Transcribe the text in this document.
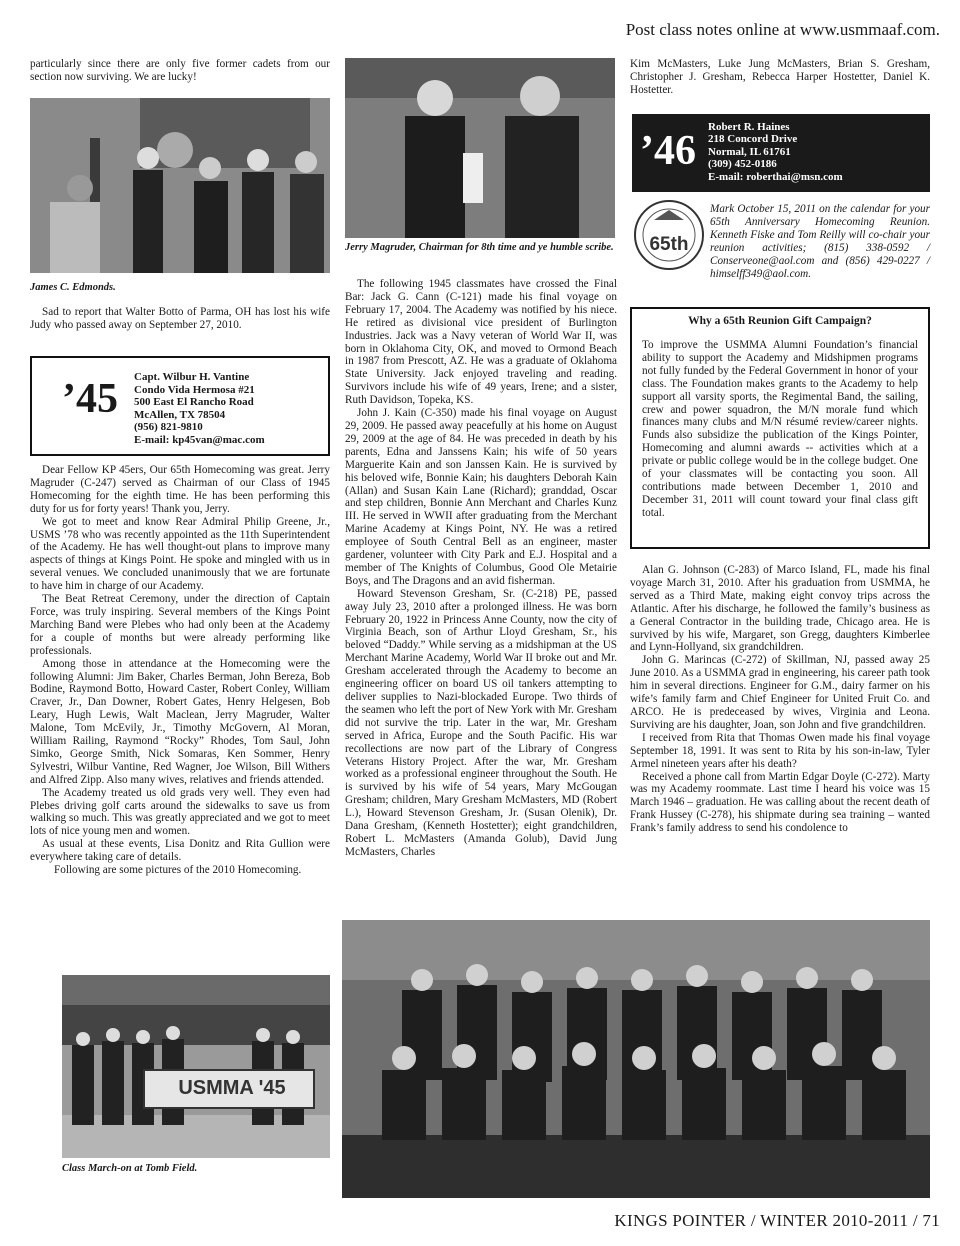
Post class notes online at www.usmmaaf.com.
KINGS POINTER / WINTER 2010-2011 / 71

particularly since there are only five former cadets from our section now surviving. We are lucky!

James C. Edmonds.

Sad to report that Walter Botto of Parma, OH has lost his wife Judy who passed away on September 27, 2010.

’45 Capt. Wilbur H. Vantine
Condo Vida Hermosa #21
500 East El Rancho Road
McAllen, TX 78504
(956) 821-9810
E-mail: kp45van@mac.com

Dear Fellow KP 45ers, Our 65th Homecoming was great. Jerry Magruder (C-247) served as Chairman of our Class of 1945 Homecoming for the eighth time. He has been performing this duty for us for forty years! Thank you, Jerry.

We got to meet and know Rear Admiral Philip Greene, Jr., USMS ’78 who was recently appointed as the 11th Superintendent of the Academy. He has well thought-out plans to improve many aspects of things at Kings Point. He spoke and mingled with us in several venues. We concluded unanimously that we are fortunate to have him in charge of our Academy.

The Beat Retreat Ceremony, under the direction of Captain Force, was truly inspiring. Several members of the Kings Point Marching Band were Plebes who had only been at the Academy for a couple of months but were already performing like professionals.

Among those in attendance at the Homecoming were the following Alumni: Jim Baker, Charles Berman, John Bereza, Bob Bodine, Raymond Botto, Howard Caster, Robert Conley, William Craver, Jr., Dan Downer, Robert Gates, Henry Helgesen, Bob Leary, Hugh Lewis, Walt Maclean, Jerry Magruder, Walter Malone, Tom McEvily, Jr., Timothy McGovern, Al Moran, William Railing, Raymond “Rocky” Rhodes, Tom Saul, John Simko, George Smith, Nick Somaras, Ken Sommer, Henry Sylvestri, Wilbur Vantine, Red Wagner, Joe Wilson, Bill Withers and Alfred Zipp. Also many wives, relatives and friends attended.

The Academy treated us old grads very well. They even had Plebes driving golf carts around the sidewalks to save us from walking so much. This was greatly appreciated and we got to meet lots of nice young men and women.

As usual at these events, Lisa Donitz and Rita Gullion were everywhere taking care of details.

Following are some pictures of the 2010 Homecoming.

USMMA '45
Class March-on at Tomb Field.
Jerry Magruder, Chairman for 8th time and ye humble scribe.

The following 1945 classmates have crossed the Final Bar: Jack G. Cann (C-121) made his final voyage on February 17, 2004. The Academy was notified by his niece. He retired as divisional vice president of Burlington Industries. Jack was a Navy veteran of World War II, was born in Oklahoma City, OK, and moved to Ormond Beach in 1987 from Prescott, AZ. He was a graduate of Oklahoma State University. Jack enjoyed traveling and reading. Survivors include his wife of 49 years, Irene; and a sister, Ruth Davidson, Topeka, KS.

John J. Kain (C-350) made his final voyage on August 29, 2009. He passed away peacefully at his home on August 29, 2009 at the age of 84. He was preceded in death by his parents, Edna and Janssens Kain; his wife of 50 years Marguerite Kain and son Janssen Kain. He is survived by his beloved wife, Bonnie Kain; his daughters Deborah Kain (Allan) and Susan Kain Lane (Richard); granddad, Oscar and step children, Bonnie Ann Merchant and Charles Kunz III. He served in WWII after graduating from the Merchant Marine Academy at Kings Point, NY. He was a retired employee of South Central Bell as an engineer, master gardener, volunteer with City Park and E.J. Hospital and a member of The Knights of Columbus, Good Ole Metairie Boys, and The Dragons and an avid fisherman.

Howard Stevenson Gresham, Sr. (C-218) PE, passed away July 23, 2010 after a prolonged illness. He was born February 20, 1922 in Princess Anne County, now the city of Virginia Beach, son of Arthur Lloyd Gresham, Sr., his beloved “Daddy.” While serving as a midshipman at the US Merchant Marine Academy, World War II broke out and Mr. Gresham accelerated through the Academy to become an engineering officer on board US oil tankers attempting to deliver supplies to Nazi-blockaded Europe. Two thirds of the seamen who left the port of New York with Mr. Gresham did not survive the trip. Later in the war, Mr. Gresham served in Africa, Europe and the South Pacific. His war recollections are now part of the Library of Congress Veterans History Project. After the war, Mr. Gresham worked as a professional engineer throughout the South. He is survived by his wife of 54 years, Mary McGougan Gresham; children, Mary Gresham McMasters, MD (Robert L.), Howard Stevenson Gresham, Jr. (Susan Olenik), Dr. Dana Gresham, (Kenneth Hostetter); eight grandchildren, Robert L. McMasters (Amanda Golub), David Jung McMasters, Charles

Kim McMasters, Luke Jung McMasters, Brian S. Gresham, Christopher J. Gresham, Rebecca Harper Hostetter, Daniel K. Hostetter.

’46
Robert R. Haines
218 Concord Drive
Normal, IL 61761
(309) 452-0186
E-mail: roberthai@msn.com
65th

Mark October 15, 2011 on the calendar for your 65th Anniversary Homecoming Reunion. Kenneth Fiske and Tom Reilly will co-chair your reunion activities; (815) 338-0592 / Conserveone@aol.com and (856) 429-0227 / himselff349@aol.com.

Why a 65th Reunion Gift Campaign?

To improve the USMMA Alumni Foundation’s financial ability to support the Academy and Midshipmen programs not fully funded by the Federal Government in honor of your class. The Foundation makes grants to the Academy to help support all varsity sports, the Regimental Band, the sailing, crew and power squadron, the M/N morale fund which finances many clubs and M/N résumé review/career nights. Funds also subsidize the publication of the Kings Pointer, Homecoming and alumni awards -- activities which at a private or public college would be in the college budget. One of your classmates will be contacting you soon. All contributions made between December 1, 2010 and December 31, 2011 will count toward your final class gift total.

Alan G. Johnson (C-283) of Marco Island, FL, made his final voyage March 31, 2010. After his graduation from USMMA, he served as a Third Mate, making eight convoy trips across the Atlantic. After his discharge, he followed the family’s business as a General Contractor in the building trade, Chicago area. He is survived by his wife, Margaret, son Gregg, daughters Kimberlee and Lynn-Hollyand, six grandchildren.

John G. Marincas (C-272) of Skillman, NJ, passed away 25 June 2010. As a USMMA grad in engineering, his career path took him in several directions. Engineer for G.M., dairy farmer on his wife’s family farm and Chief Engineer for United Fruit Co. and ARCO. He is predeceased by wives, Virginia and Leona. Surviving are his daughter, Joan, son John and five grandchildren.

I received from Rita that Thomas Owen made his final voyage September 18, 1991. It was sent to Rita by his son-in-law, Tyler Armel nineteen years after his death?

Received a phone call from Martin Edgar Doyle (C-272). Marty was my Academy roommate. Last time I heard his voice was 15 March 1946 – graduation. He was calling about the recent death of Frank Hussey (C-278), his shipmate during sea training – wanted Frank’s family address to send his condolence to
